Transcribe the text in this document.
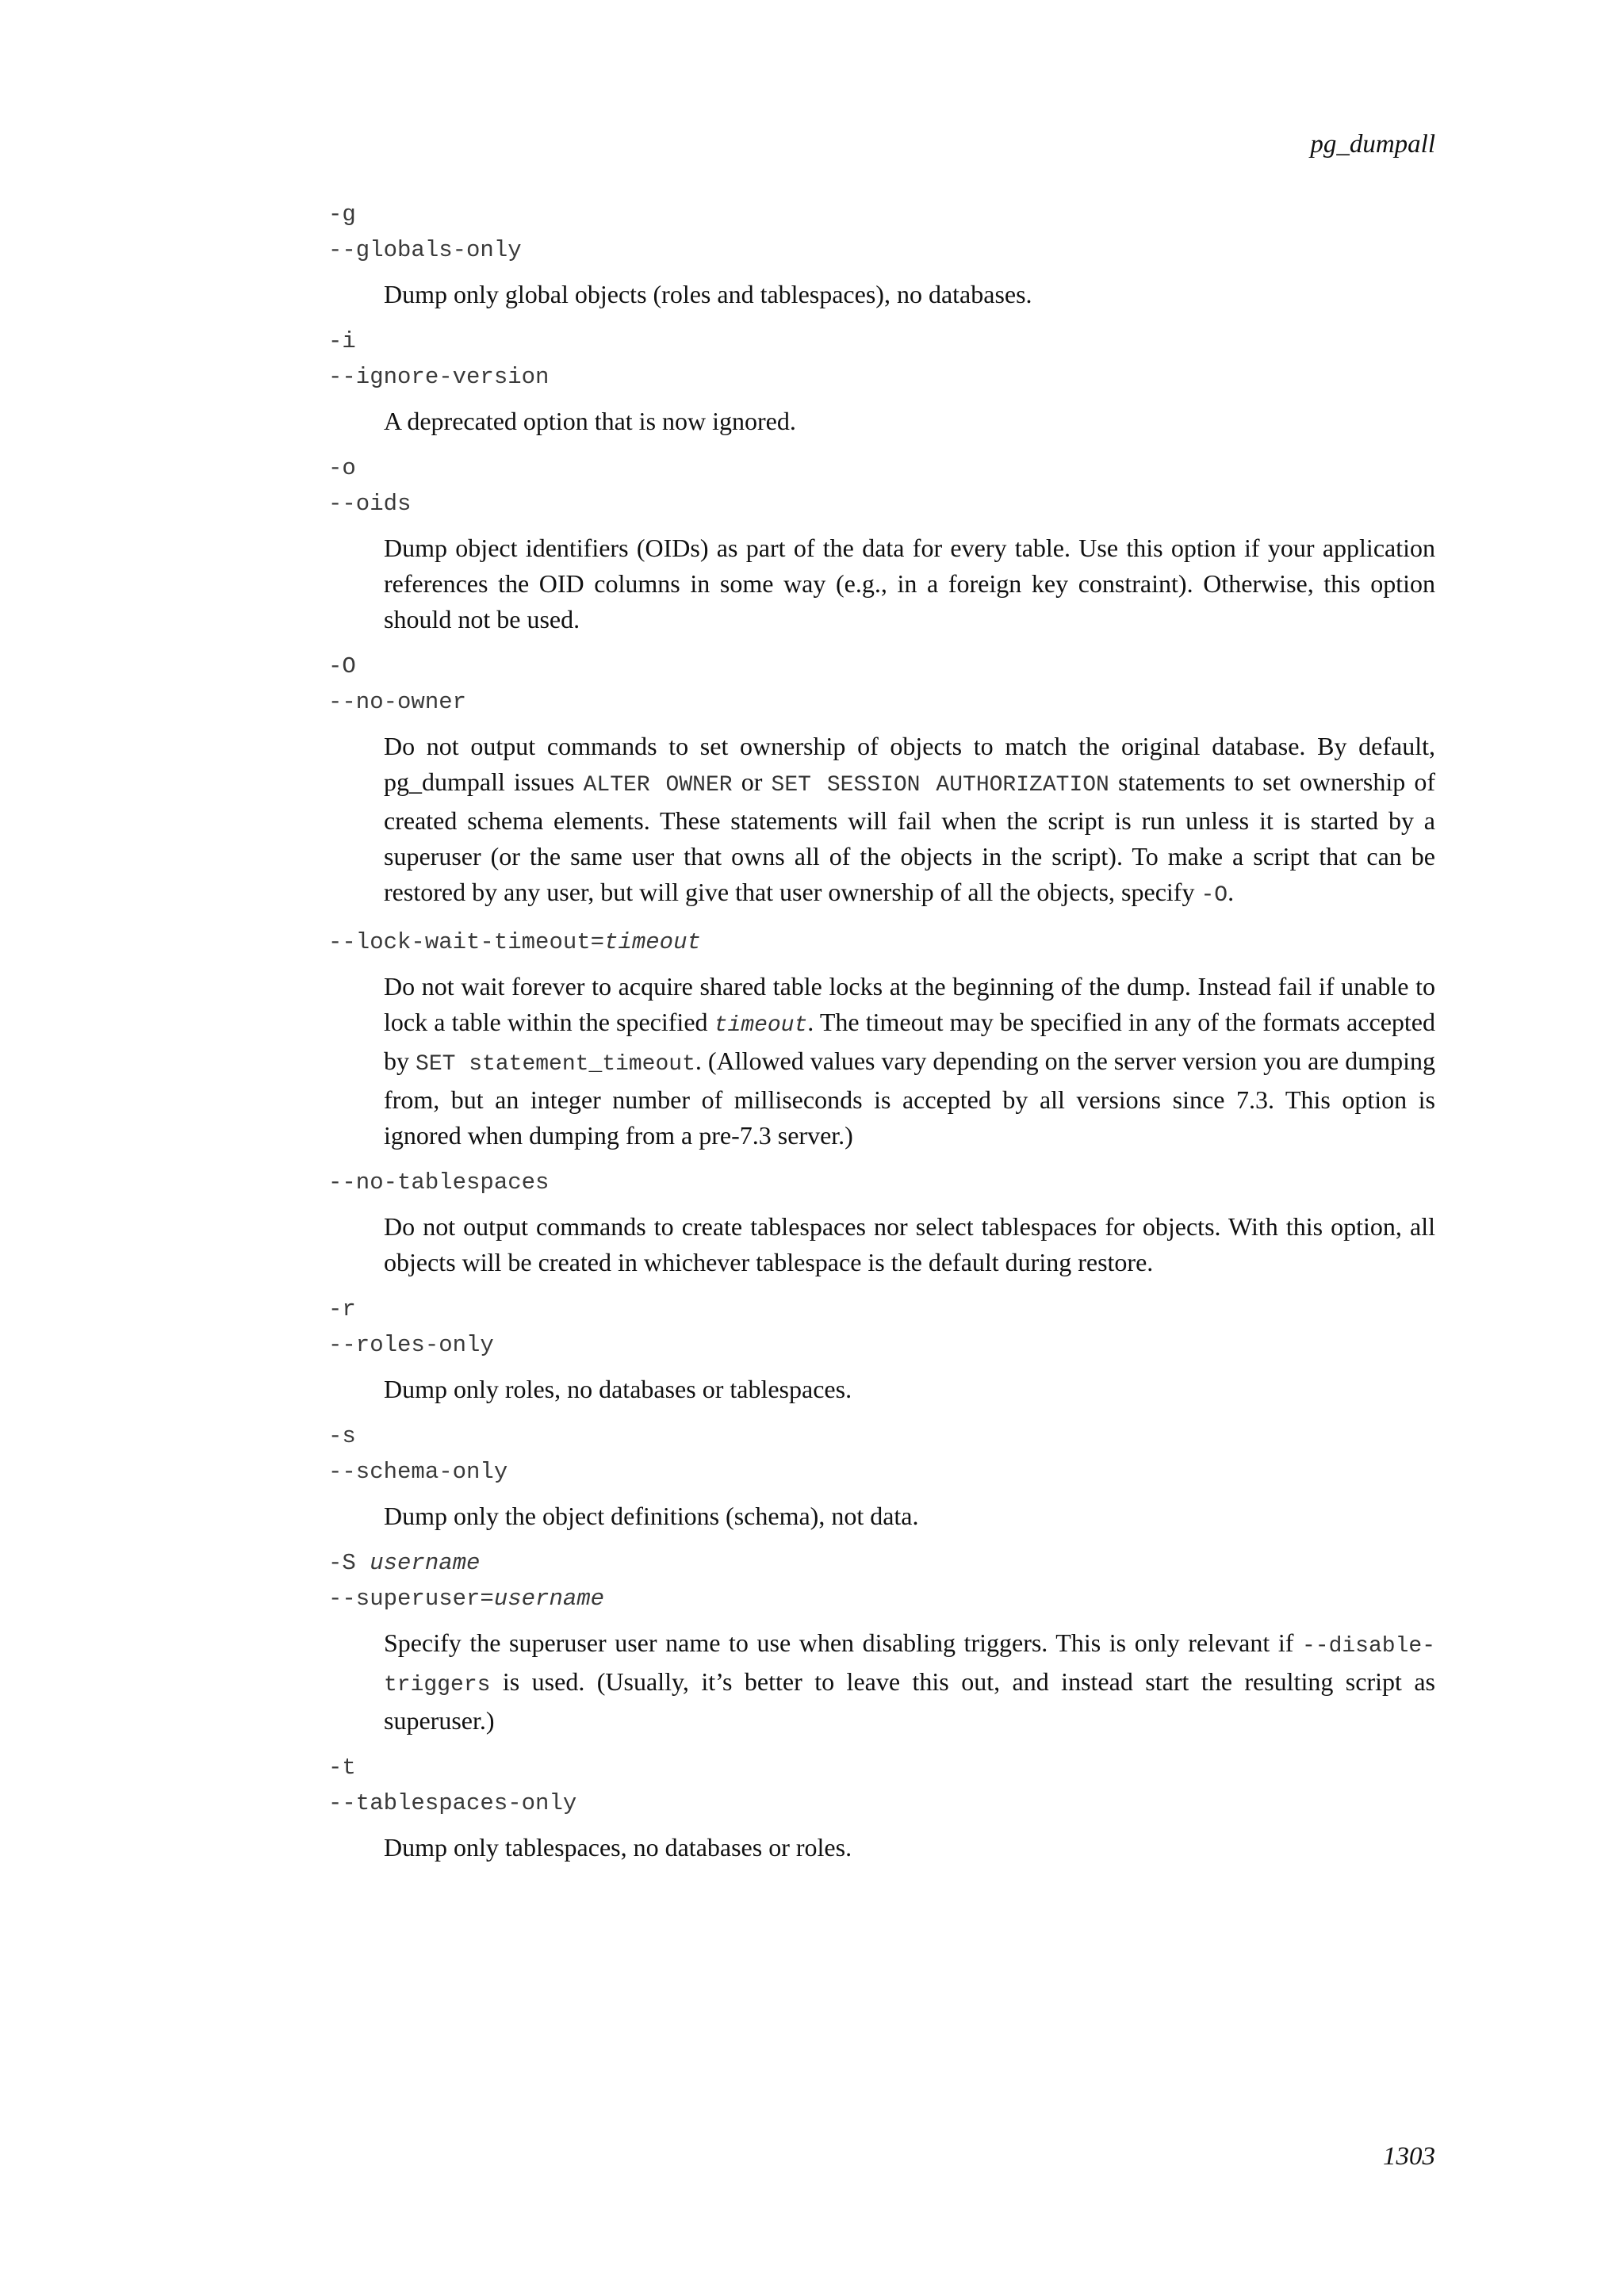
pg_dumpall
-g
--globals-only
Dump only global objects (roles and tablespaces), no databases.
-i
--ignore-version
A deprecated option that is now ignored.
-o
--oids
Dump object identifiers (OIDs) as part of the data for every table. Use this option if your application references the OID columns in some way (e.g., in a foreign key constraint). Otherwise, this option should not be used.
-O
--no-owner
Do not output commands to set ownership of objects to match the original database. By default, pg_dumpall issues ALTER OWNER or SET SESSION AUTHORIZATION statements to set ownership of created schema elements. These statements will fail when the script is run unless it is started by a superuser (or the same user that owns all of the objects in the script). To make a script that can be restored by any user, but will give that user ownership of all the objects, specify -O.
--lock-wait-timeout=timeout
Do not wait forever to acquire shared table locks at the beginning of the dump. Instead fail if unable to lock a table within the specified timeout. The timeout may be specified in any of the formats accepted by SET statement_timeout. (Allowed values vary depending on the server version you are dumping from, but an integer number of milliseconds is accepted by all versions since 7.3. This option is ignored when dumping from a pre-7.3 server.)
--no-tablespaces
Do not output commands to create tablespaces nor select tablespaces for objects. With this option, all objects will be created in whichever tablespace is the default during restore.
-r
--roles-only
Dump only roles, no databases or tablespaces.
-s
--schema-only
Dump only the object definitions (schema), not data.
-S username
--superuser=username
Specify the superuser user name to use when disabling triggers. This is only relevant if --disable-triggers is used. (Usually, it’s better to leave this out, and instead start the resulting script as superuser.)
-t
--tablespaces-only
Dump only tablespaces, no databases or roles.
1303
